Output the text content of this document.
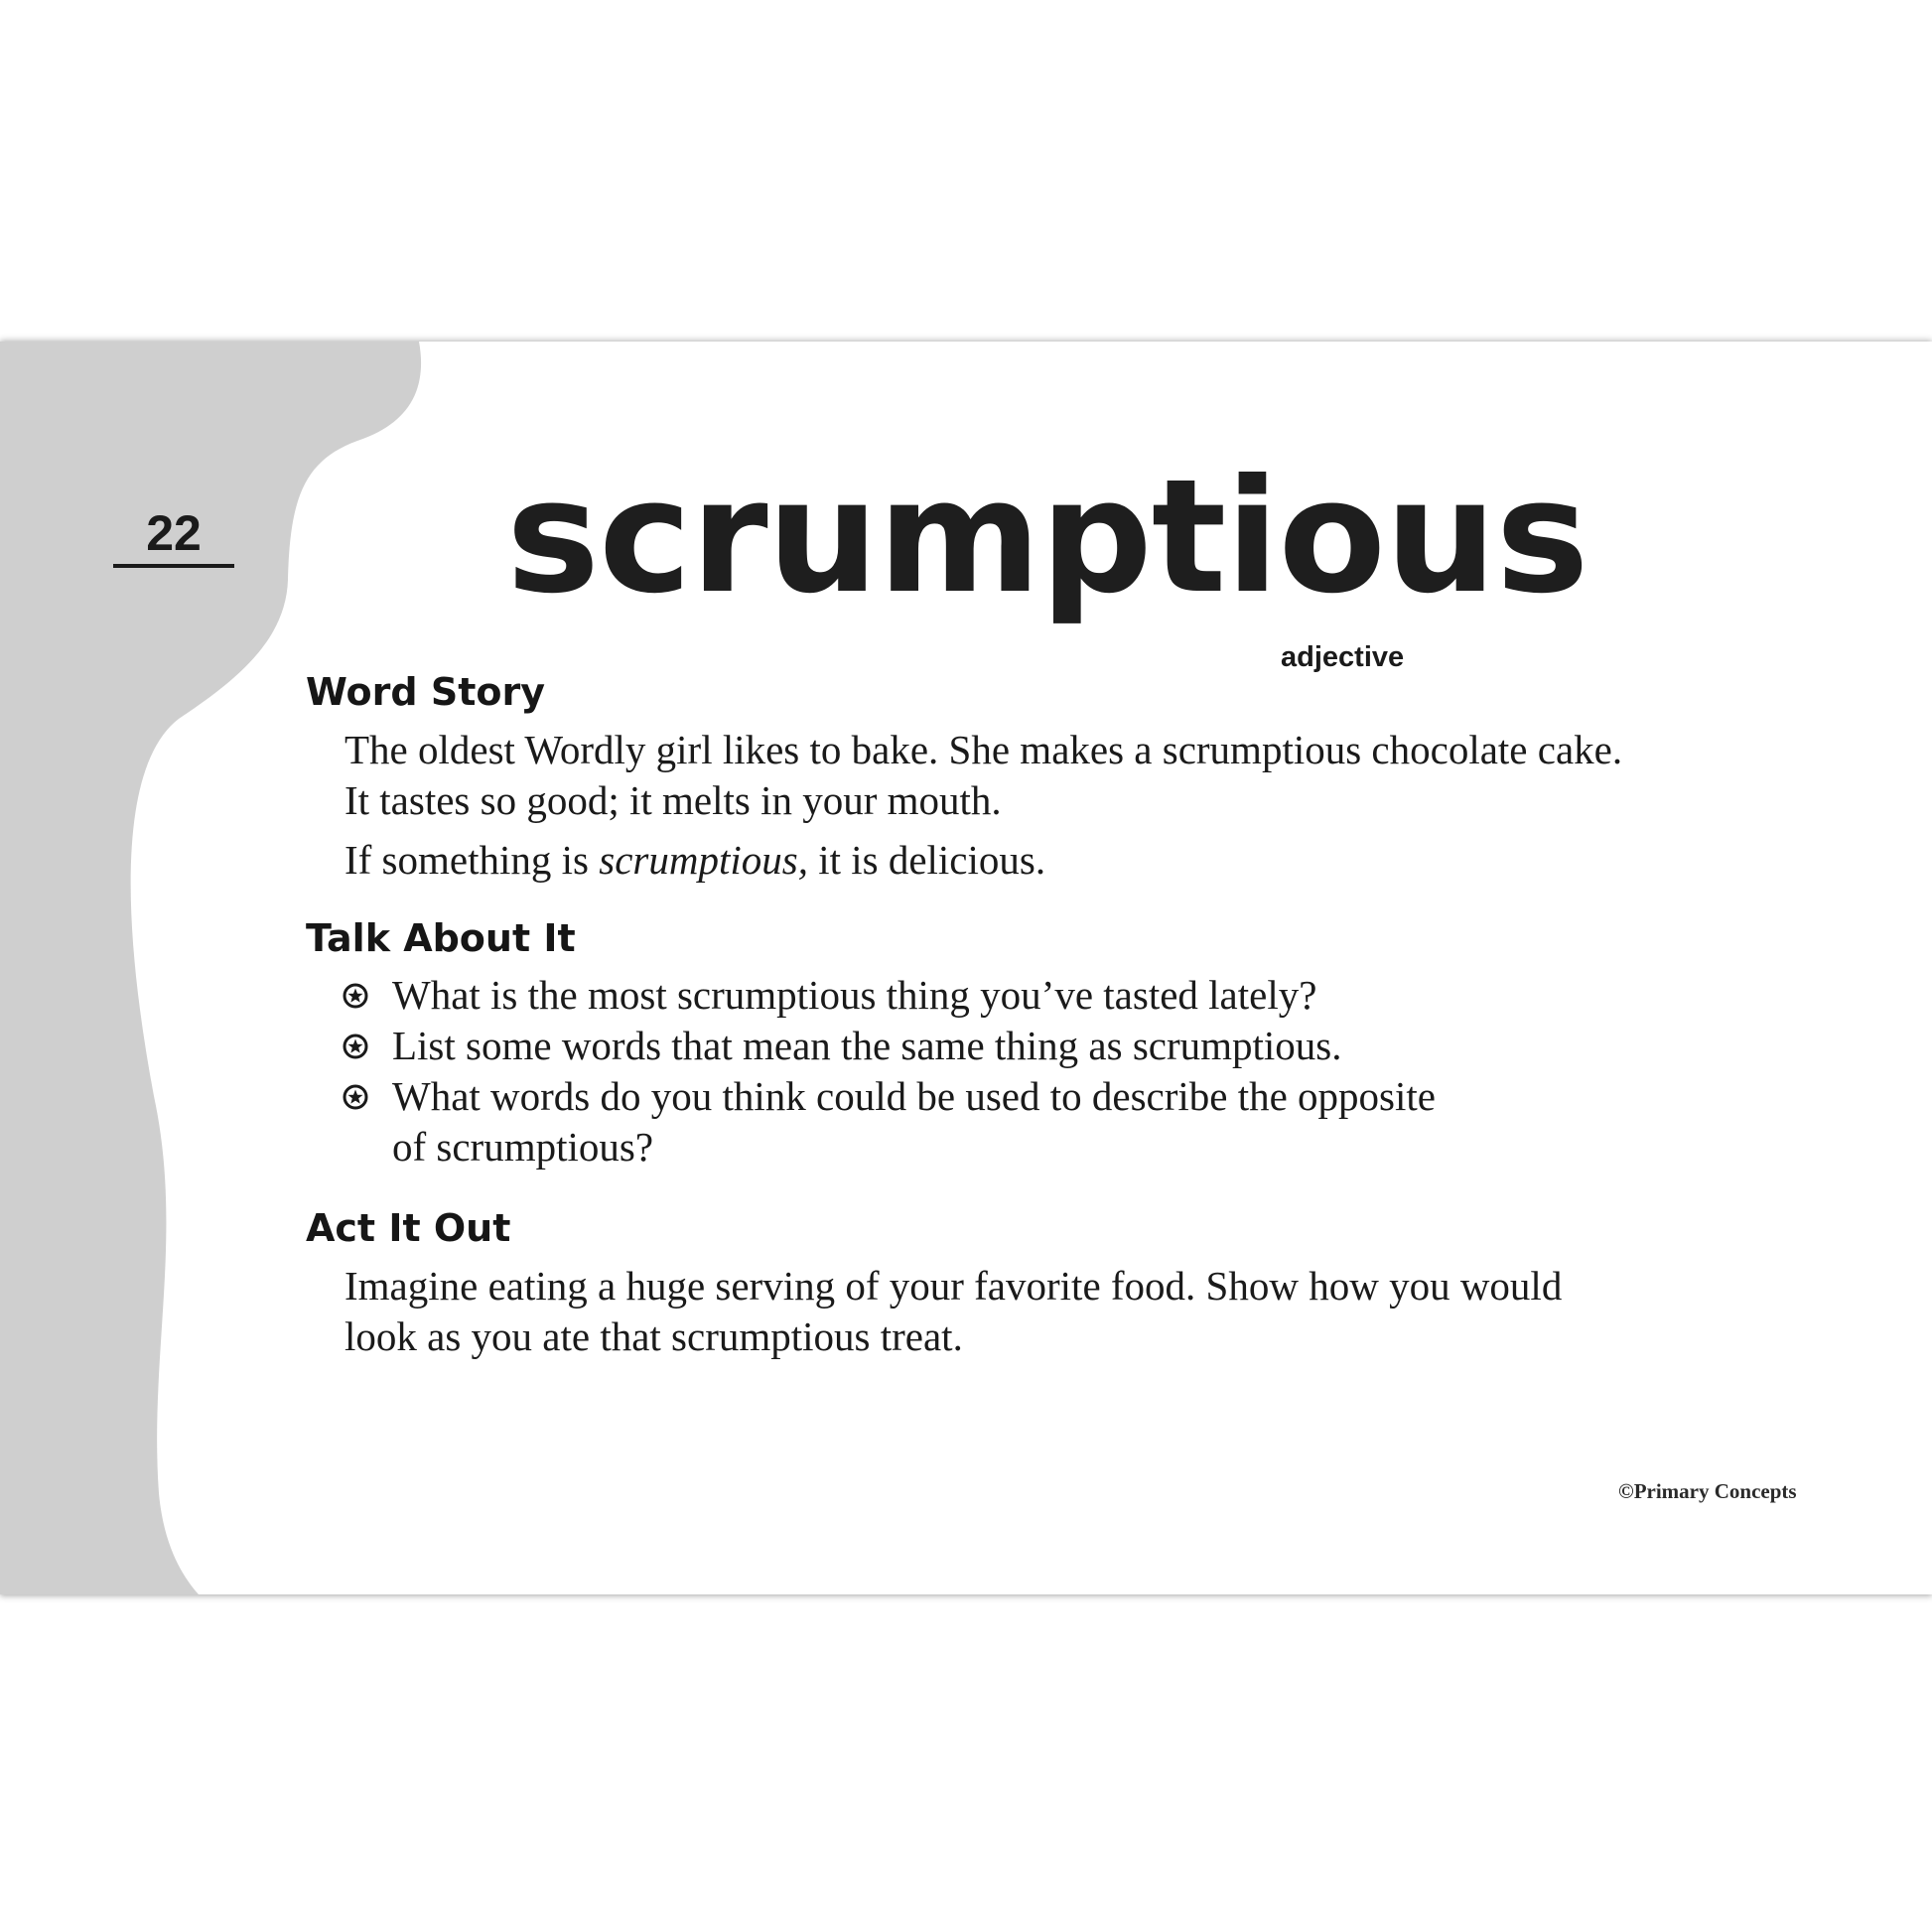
22 scrumptious
adjective
Word Story

The oldest Wordly girl likes to bake. She makes a scrumptious chocolate cake.
It tastes so good; it melts in your mouth.

If something is scrumptious, it is delicious.

Talk About It
What is the most scrumptious thing you’ve tasted lately?
List some words that mean the same thing as scrumptious.
What words do you think could be used to describe the opposite
of scrumptious?
Act It Out

Imagine eating a huge serving of your favorite food. Show how you would
look as you ate that scrumptious treat.

©Primary Concepts
